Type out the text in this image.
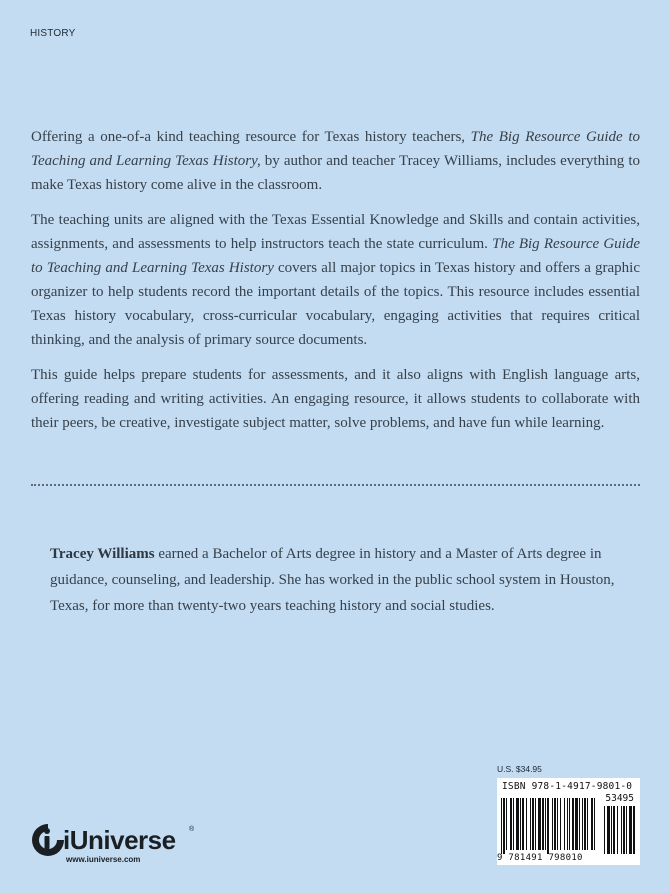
HISTORY

Offering a one-of-a kind teaching resource for Texas history teachers, The Big Resource Guide to Teaching and Learning Texas History, by author and teacher Tracey Williams, includes everything to make Texas history come alive in the classroom.

The teaching units are aligned with the Texas Essential Knowledge and Skills and contain activities, assignments, and assessments to help instructors teach the state curriculum. The Big Resource Guide to Teaching and Learning Texas History covers all major topics in Texas history and offers a graphic organizer to help students record the important details of the topics. This resource includes essential Texas history vocabulary, cross-curricular vocabulary, engaging activities that requires critical thinking, and the analysis of primary source documents.

This guide helps prepare students for assessments, and it also aligns with English language arts, offering reading and writing activities. An engaging resource, it allows students to collaborate with their peers, be creative, investigate subject matter, solve problems, and have fun while learning.

Tracey Williams earned a Bachelor of Arts degree in history and a Master of Arts degree in guidance, counseling, and leadership. She has worked in the public school system in Houston, Texas, for more than twenty-two years teaching history and social studies.
U.S. $34.95
ISBN 978-1-4917-9801-0
53495
9 781491 798010
iUniverse ®
www.iuniverse.com
